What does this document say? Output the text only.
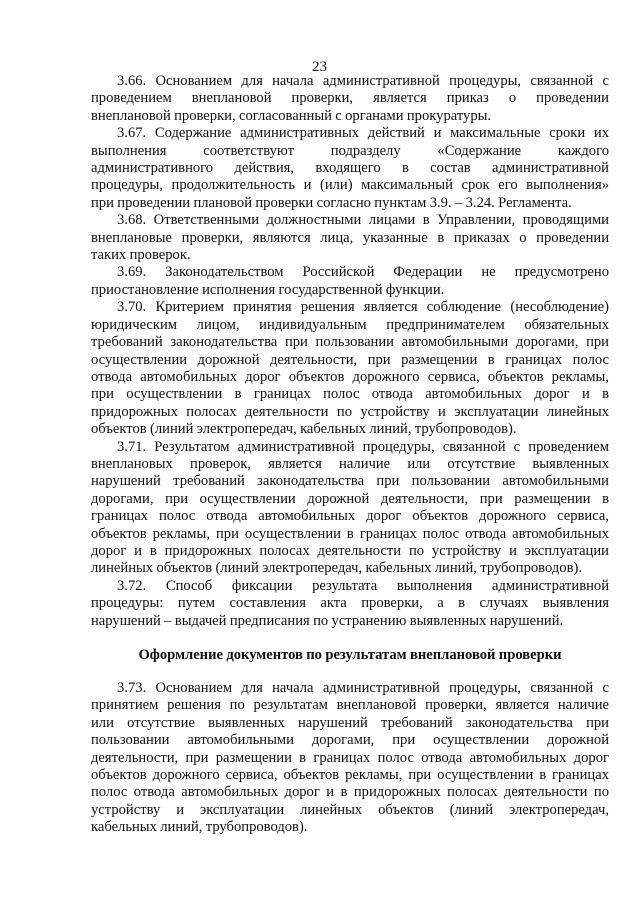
23

3.66. Основанием для начала административной процедуры, связанной с
проведением внеплановой проверки, является приказ о проведении
внеплановой проверки, согласованный с органами прокуратуры.

3.67. Содержание административных действий и максимальные сроки их
выполнения соответствуют подразделу «Содержание каждого
административного действия, входящего в состав административной
процедуры, продолжительность и (или) максимальный срок его выполнения»
при проведении плановой проверки согласно пунктам 3.9. – 3.24. Регламента.

3.68. Ответственными должностными лицами в Управлении, проводящими
внеплановые проверки, являются лица, указанные в приказах о проведении
таких проверок.

3.69. Законодательством Российской Федерации не предусмотрено
приостановление исполнения государственной функции.

3.70. Критерием принятия решения является соблюдение (несоблюдение)
юридическим лицом, индивидуальным предпринимателем обязательных
требований законодательства при пользовании автомобильными дорогами, при
осуществлении дорожной деятельности, при размещении в границах полос
отвода автомобильных дорог объектов дорожного сервиса, объектов рекламы,
при осуществлении в границах полос отвода автомобильных дорог и в
придорожных полосах деятельности по устройству и эксплуатации линейных
объектов (линий электропередач, кабельных линий, трубопроводов).

3.71. Результатом административной процедуры, связанной с проведением
внеплановых проверок, является наличие или отсутствие выявленных
нарушений требований законодательства при пользовании автомобильными
дорогами, при осуществлении дорожной деятельности, при размещении в
границах полос отвода автомобильных дорог объектов дорожного сервиса,
объектов рекламы, при осуществлении в границах полос отвода автомобильных
дорог и в придорожных полосах деятельности по устройству и эксплуатации
линейных объектов (линий электропередач, кабельных линий, трубопроводов).

3.72. Способ фиксации результата выполнения административной
процедуры: путем составления акта проверки, а в случаях выявления
нарушений – выдачей предписания по устранению выявленных нарушений.

Оформление документов по результатам внеплановой проверки

3.73. Основанием для начала административной процедуры, связанной с
принятием решения по результатам внеплановой проверки, является наличие
или отсутствие выявленных нарушений требований законодательства при
пользовании автомобильными дорогами, при осуществлении дорожной
деятельности, при размещении в границах полос отвода автомобильных дорог
объектов дорожного сервиса, объектов рекламы, при осуществлении в границах
полос отвода автомобильных дорог и в придорожных полосах деятельности по
устройству и эксплуатации линейных объектов (линий электропередач,
кабельных линий, трубопроводов).
